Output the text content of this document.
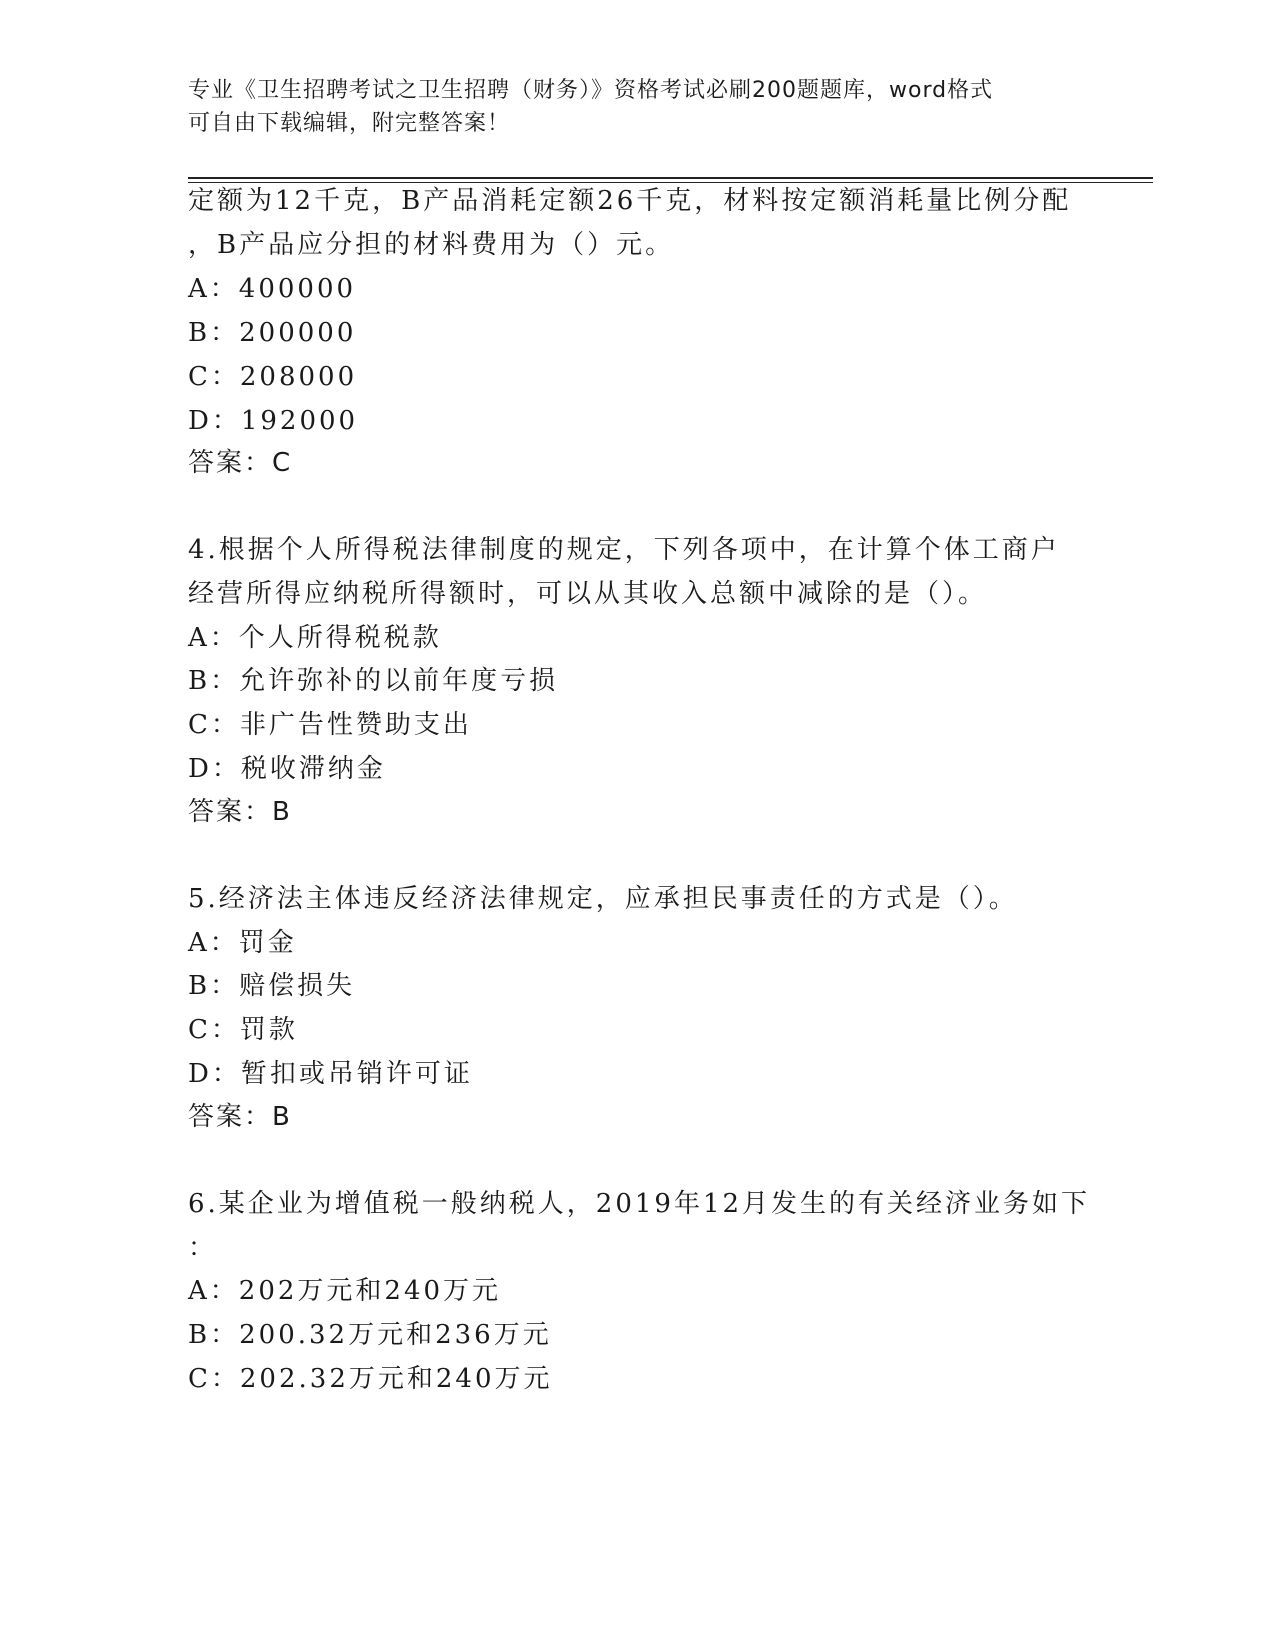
专业《卫生招聘考试之卫生招聘（财务）》资格考试必刷200题题库，word格式
可自由下载编辑，附完整答案！
定额为12千克，B产品消耗定额26千克，材料按定额消耗量比例分配
，B产品应分担的材料费用为（）元。
A：400000
B：200000
C：208000
D：192000
答案：C
4.根据个人所得税法律制度的规定，下列各项中，在计算个体工商户
经营所得应纳税所得额时，可以从其收入总额中减除的是（）。
A：个人所得税税款
B：允许弥补的以前年度亏损
C：非广告性赞助支出
D：税收滞纳金
答案：B
5.经济法主体违反经济法律规定，应承担民事责任的方式是（）。
A：罚金
B：赔偿损失
C：罚款
D：暂扣或吊销许可证
答案：B
6.某企业为增值税一般纳税人，2019年12月发生的有关经济业务如下
：
A：202万元和240万元
B：200.32万元和236万元
C：202.32万元和240万元
